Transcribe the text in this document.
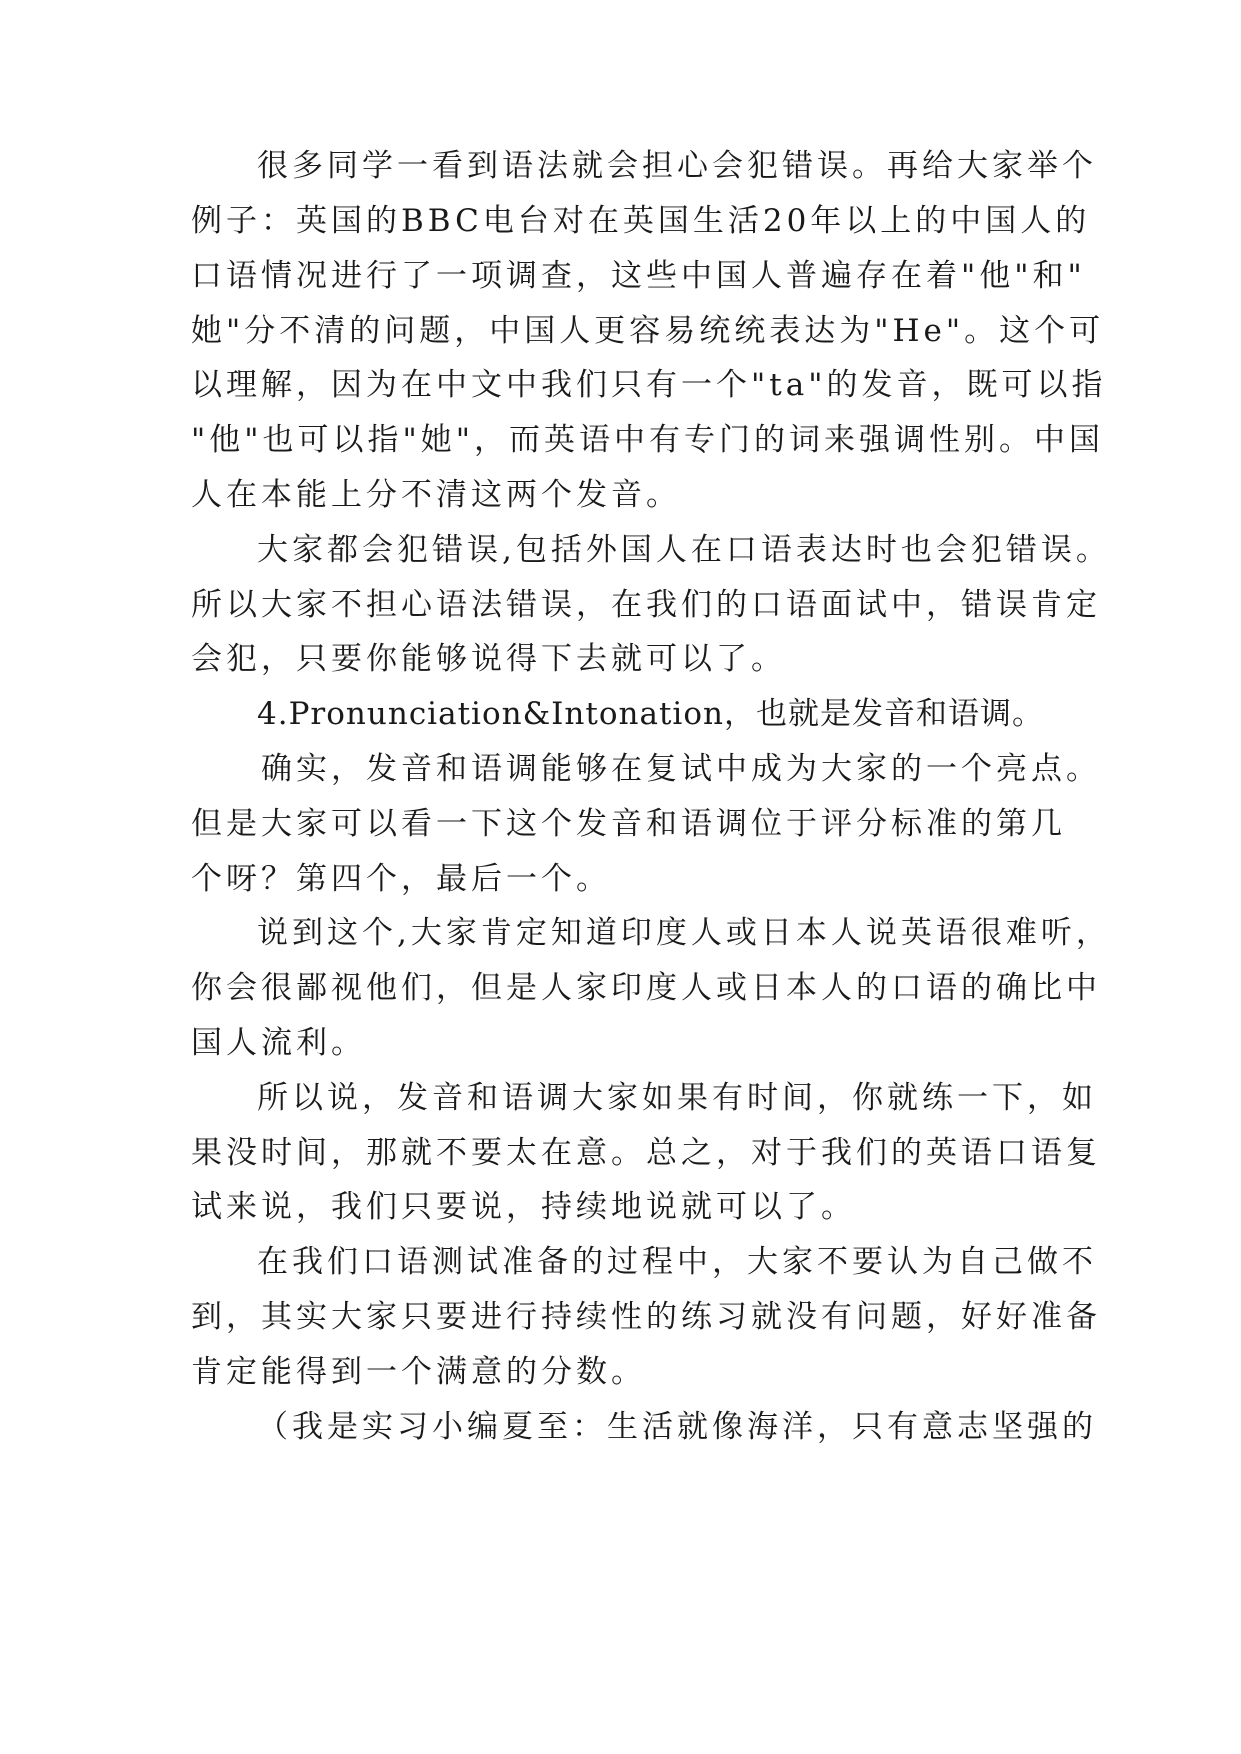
很多同学一看到语法就会担心会犯错误。再给大家举个
例子：英国的BBC电台对在英国生活20年以上的中国人的
口语情况进行了一项调查，这些中国人普遍存在着"他"和"
她"分不清的问题，中国人更容易统统表达为"He"。这个可
以理解，因为在中文中我们只有一个"ta"的发音，既可以指
"他"也可以指"她"，而英语中有专门的词来强调性别。中国
人在本能上分不清这两个发音。
大家都会犯错误,包括外国人在口语表达时也会犯错误。
所以大家不担心语法错误，在我们的口语面试中，错误肯定
会犯，只要你能够说得下去就可以了。
4.Pronunciation&Intonation，也就是发音和语调。
确实，发音和语调能够在复试中成为大家的一个亮点。
但是大家可以看一下这个发音和语调位于评分标准的第几
个呀？第四个，最后一个。
说到这个,大家肯定知道印度人或日本人说英语很难听，
你会很鄙视他们，但是人家印度人或日本人的口语的确比中
国人流利。
所以说，发音和语调大家如果有时间，你就练一下，如
果没时间，那就不要太在意。总之，对于我们的英语口语复
试来说，我们只要说，持续地说就可以了。
在我们口语测试准备的过程中，大家不要认为自己做不
到，其实大家只要进行持续性的练习就没有问题，好好准备
肯定能得到一个满意的分数。
（我是实习小编夏至：生活就像海洋，只有意志坚强的
